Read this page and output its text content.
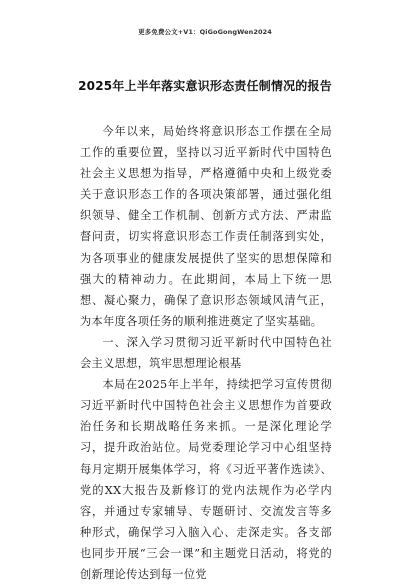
更多免费公文+V1：QiGoGongWen2024
2025年上半年落实意识形态责任制情况的报告

今年以来，局始终将意识形态工作摆在全局工作的重要位置，坚持以习近平新时代中国特色社会主义思想为指导，严格遵循中央和上级党委关于意识形态工作的各项决策部署，通过强化组织领导、健全工作机制、创新方式方法、严肃监督问责，切实将意识形态工作责任制落到实处，为各项事业的健康发展提供了坚实的思想保障和强大的精神动力。在此期间，本局上下统一思想、凝心聚力，确保了意识形态领域风清气正，为本年度各项任务的顺利推进奠定了坚实基础。

一、深入学习贯彻习近平新时代中国特色社会主义思想，筑牢思想理论根基

本局在2025年上半年，持续把学习宣传贯彻习近平新时代中国特色社会主义思想作为首要政治任务和长期战略任务来抓。一是深化理论学习，提升政治站位。局党委理论学习中心组坚持每月定期开展集体学习，将《习近平著作选读》、党的XX大报告及新修订的党内法规作为必学内容，并通过专家辅导、专题研讨、交流发言等多种形式，确保学习入脑入心、走深走实。各支部也同步开展“三会一课”和主题党日活动，将党的创新理论传达到每一位党
